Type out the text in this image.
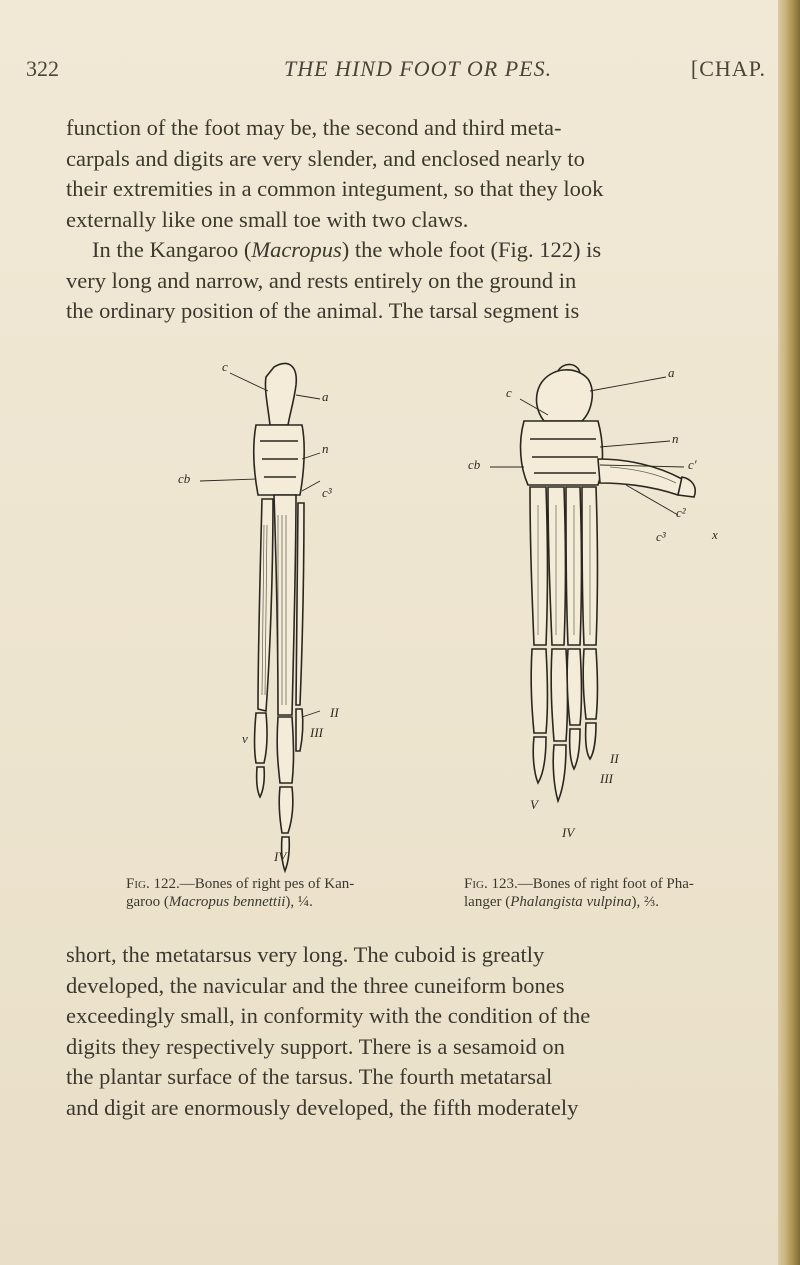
322	THE HIND FOOT OR PES.	[CHAP.

function of the foot may be, the second and third meta-

carpals and digits are very slender, and enclosed nearly to

their extremities in a common integument, so that they look

externally like one small toe with two claws.

In the Kangaroo (Macropus) the whole foot (Fig. 122) is

very long and narrow, and rests entirely on the ground in

the ordinary position of the animal. The tarsal segment is

c
a
cb
n
c³
v	III
II
IV
a
c
cb
n
c′
c²
c³	x
II
III
V
IV
Fig. 122.—Bones of right pes of Kan-
garoo (Macropus bennettii), ¼.
Fig. 123.—Bones of right foot of Pha-
langer (Phalangista vulpina), ⅔.

short, the metatarsus very long. The cuboid is greatly

developed, the navicular and the three cuneiform bones

exceedingly small, in conformity with the condition of the

digits they respectively support. There is a sesamoid on

the plantar surface of the tarsus. The fourth metatarsal

and digit are enormously developed, the fifth moderately
